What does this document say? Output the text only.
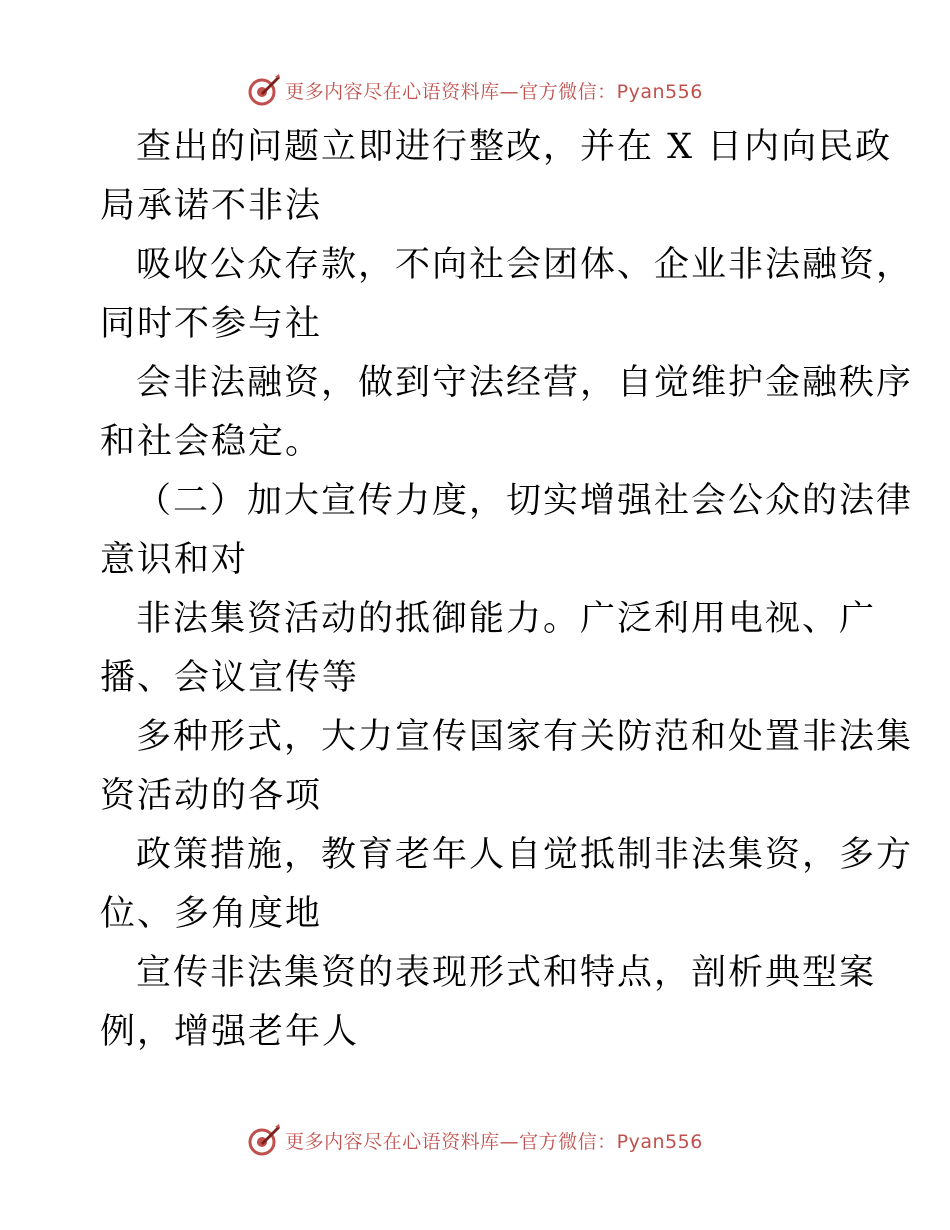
更多内容尽在心语资料库—官方微信：Pyan556
查出的问题立即进行整改，并在 X 日内向民政
局承诺不非法
吸收公众存款，不向社会团体、企业非法融资，
同时不参与社
会非法融资，做到守法经营，自觉维护金融秩序
和社会稳定。
（二）加大宣传力度，切实增强社会公众的法律
意识和对
非法集资活动的抵御能力。广泛利用电视、广
播、会议宣传等
多种形式，大力宣传国家有关防范和处置非法集
资活动的各项
政策措施，教育老年人自觉抵制非法集资，多方
位、多角度地
宣传非法集资的表现形式和特点，剖析典型案
例，增强老年人
更多内容尽在心语资料库—官方微信：Pyan556
